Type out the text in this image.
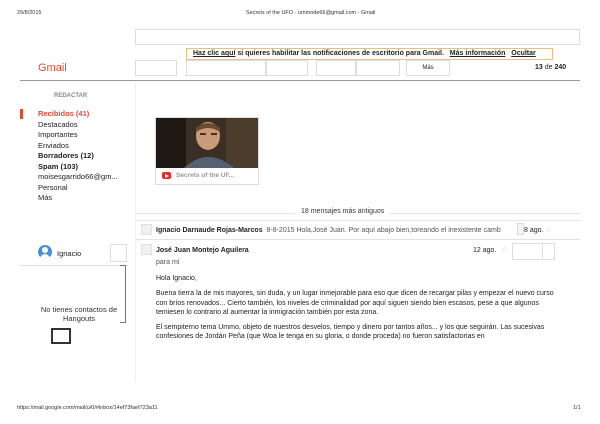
29/8/2015	Secrets of the UFO - ummode66@gmail.com - Gmail
Haz clic aquí si quieres habilitar las notificaciones de escritorio para Gmail. Más información Ocultar
Gmail	Más	13 de 240
REDACTAR
Recibidos (41)
Destacados
Importantes
Enviados
Borradores (12)
Spam (103)
moisesgarrido66@gm...
Personal
Más
Ignacio
No tienes contactos de Hangouts
Secrets of the UF...
18 mensajes más antiguos
Ignacio Darnaude Rojas-Marcos 8-8-2015 Hola,José Juan. Por aquí abajo bien,toreando el inexistente camb	8 ago. ☆
José Juan Montejo Aguilera	12 ago. ☆
para mí

Hola Ignacio,

Buena tierra la de mis mayores, sin duda, y un lugar inmejorable para eso que dicen de recargar pilas y empezar el nuevo curso con bríos renovados... Cierto también, los niveles de criminalidad por aquí siguen siendo bien escasos, pese a que algunos temiesen lo contrario al aumentar la inmigración también por esta zona.

El sempiterno tema Ummo, objeto de nuestros desvelos, tiempo y dinero por tantos años... y los que seguirán. Las sucesivas confesiones de Jordán Peña (que Woa le tenga en su gloria, o donde proceda) no fueron satisfactorias en

https://mail.google.com/mail/u/0/#inbox/14ef73faef723a11	1/1
